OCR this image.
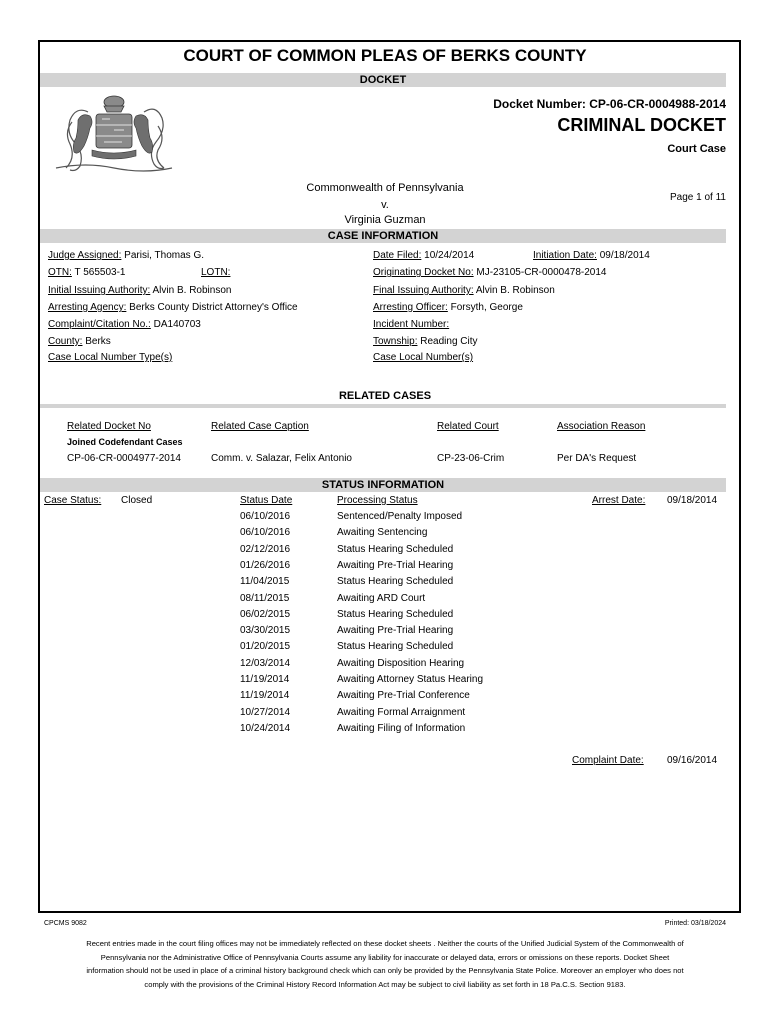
COURT OF COMMON PLEAS OF BERKS COUNTY
DOCKET
Docket Number: CP-06-CR-0004988-2014
CRIMINAL DOCKET
Court Case
Commonwealth of Pennsylvania
v.
Virginia Guzman
Page 1 of 11
CASE INFORMATION
Judge Assigned: Parisi, Thomas G.	Date Filed: 10/24/2014	Initiation Date: 09/18/2014
OTN: T 565503-1	LOTN:	Originating Docket No: MJ-23105-CR-0000478-2014
Initial Issuing Authority: Alvin B. Robinson	Final Issuing Authority: Alvin B. Robinson
Arresting Agency: Berks County District Attorney's Office	Arresting Officer: Forsyth, George
Complaint/Citation No.: DA140703	Incident Number:
County: Berks	Township: Reading City
Case Local Number Type(s)	Case Local Number(s)
RELATED CASES
Related Docket No	Related Case Caption	Related Court	Association Reason
Joined Codefendant Cases
CP-06-CR-0004977-2014	Comm. v. Salazar, Felix Antonio	CP-23-06-Crim	Per DA's Request
STATUS INFORMATION
Case Status: Closed	Status Date	Processing Status	Arrest Date: 09/18/2014
06/10/2016	Sentenced/Penalty Imposed
06/10/2016	Awaiting Sentencing
02/12/2016	Status Hearing Scheduled
01/26/2016	Awaiting Pre-Trial Hearing
11/04/2015	Status Hearing Scheduled
08/11/2015	Awaiting ARD Court
06/02/2015	Status Hearing Scheduled
03/30/2015	Awaiting Pre-Trial Hearing
01/20/2015	Status Hearing Scheduled
12/03/2014	Awaiting Disposition Hearing
11/19/2014	Awaiting Attorney Status Hearing
11/19/2014	Awaiting Pre-Trial Conference
10/27/2014	Awaiting Formal Arraignment
10/24/2014	Awaiting Filing of Information
Complaint Date: 09/16/2014
CPCMS 9082	Printed: 03/18/2024
Recent entries made in the court filing offices may not be immediately reflected on these docket sheets . Neither the courts of the Unified Judicial System of the Commonwealth of Pennsylvania nor the Administrative Office of Pennsylvania Courts assume any liability for inaccurate or delayed data, errors or omissions on these reports. Docket Sheet information should not be used in place of a criminal history background check which can only be provided by the Pennsylvania State Police. Moreover an employer who does not comply with the provisions of the Criminal History Record Information Act may be subject to civil liability as set forth in 18 Pa.C.S. Section 9183.
